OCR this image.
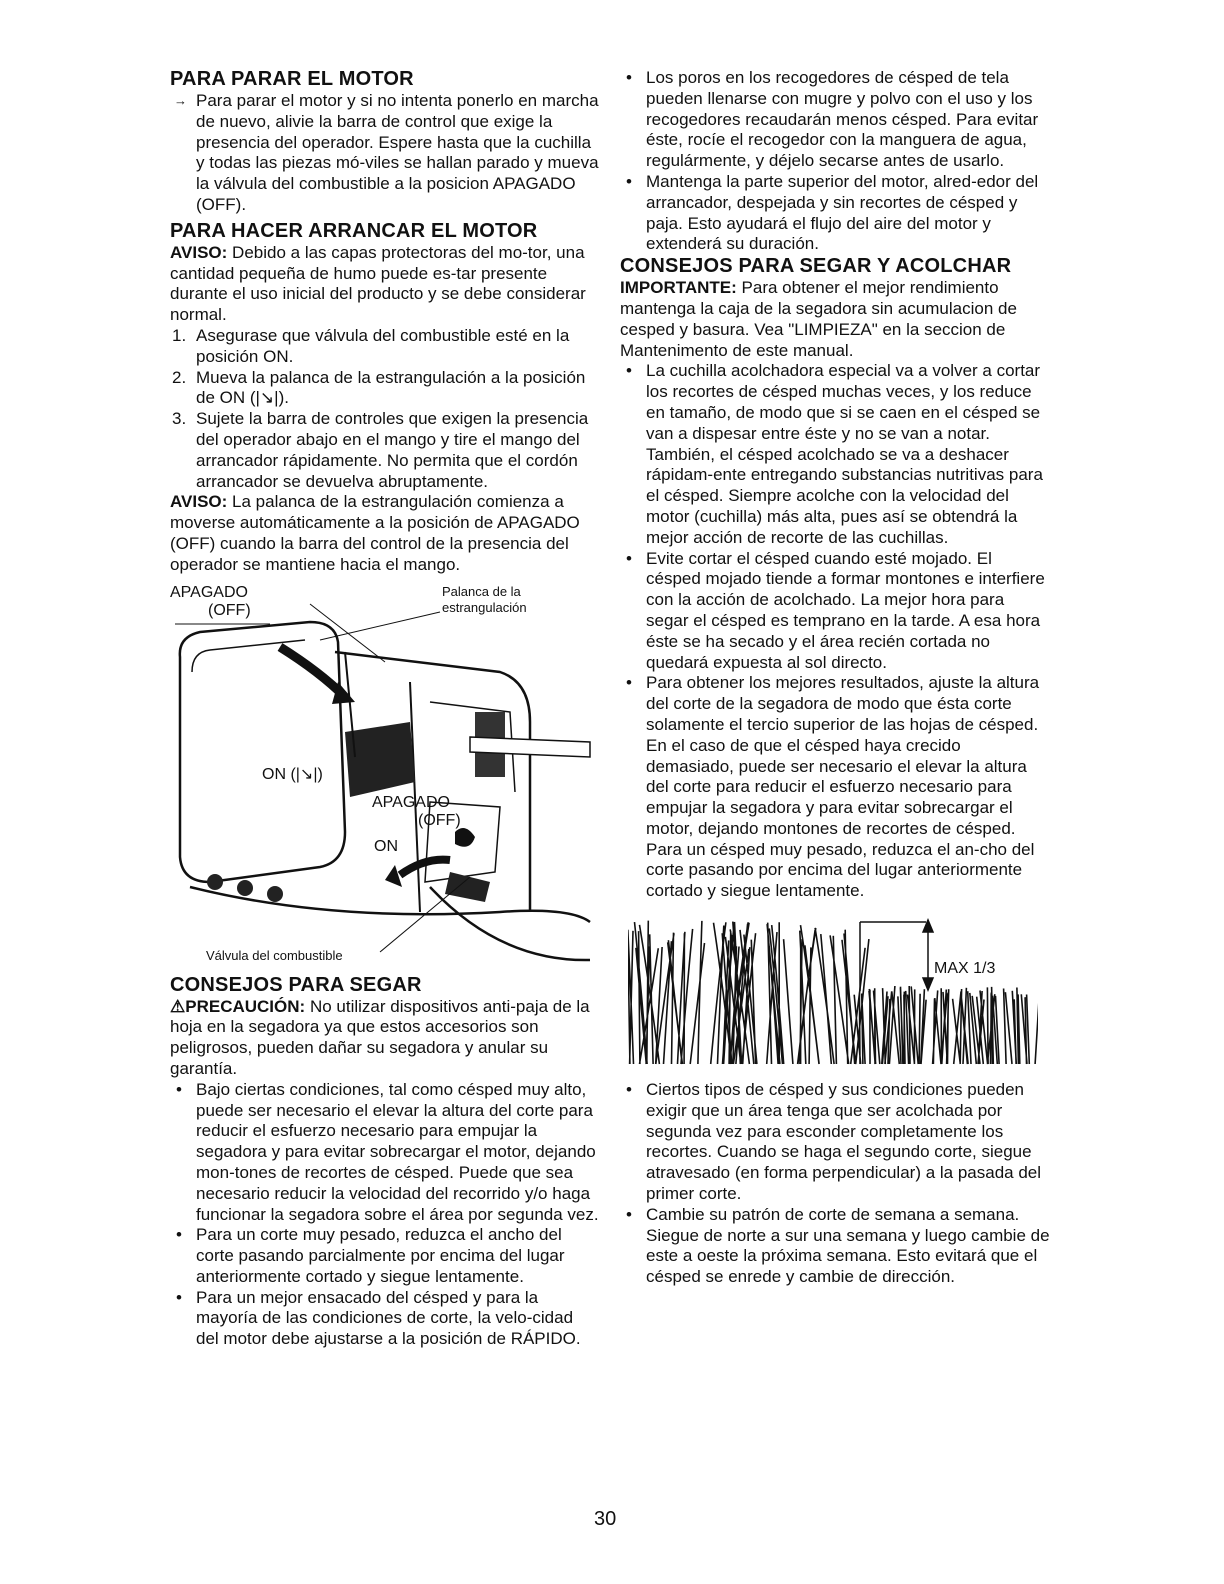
PARA PARAR EL MOTOR
→ Para parar el motor y si no intenta ponerlo en marcha de nuevo, alivie la barra de control que exige la presencia del operador. Espere hasta que la cuchilla y todas las piezas mó-viles se hallan parado y mueva la válvula del combustible a la posicion APAGADO (OFF).
PARA HACER ARRANCAR EL MOTOR

AVISO: Debido a las capas protectoras del mo-tor, una cantidad pequeña de humo puede es-tar presente durante el uso inicial del producto y se debe considerar normal.

1. Asegurase que válvula del combustible esté en la posición ON.
2. Mueva la palanca de la estrangulación a la posición de ON (|↘|).
3. Sujete la barra de controles que exigen la presencia del operador abajo en el mango y tire el mango del arrancador rápidamente. No permita que el cordón arrancador se devuelva abruptamente.

AVISO: La palanca de la estrangulación comienza a moverse automáticamente a la posición de APAGADO (OFF) cuando la barra del control de la presencia del operador se mantiene hacia el mango.

APAGADO
(OFF)
Palanca de la
estrangulación
ON (|↘|)
APAGADO
(OFF)
ON
Válvula del combustible
CONSEJOS PARA SEGAR

⚠PRECAUCIÓN: No utilizar dispositivos anti-paja de la hoja en la segadora ya que estos accesorios son peligrosos, pueden dañar su segadora y anular su garantía.

• Bajo ciertas condiciones, tal como césped muy alto, puede ser necesario el elevar la altura del corte para reducir el esfuerzo necesario para empujar la segadora y para evitar sobrecargar el motor, dejando mon-tones de recortes de césped. Puede que sea necesario reducir la velocidad del recorrido y/o haga funcionar la segadora sobre el área por segunda vez.
• Para un corte muy pesado, reduzca el ancho del corte pasando parcialmente por encima del lugar anteriormente cortado y siegue lentamente.
• Para un mejor ensacado del césped y para la mayoría de las condiciones de corte, la velo-cidad del motor debe ajustarse a la posición de RÁPIDO.
• Los poros en los recogedores de césped de tela pueden llenarse con mugre y polvo con el uso y los recogedores recaudarán menos césped. Para evitar éste, rocíe el recogedor con la manguera de agua, regulármente, y déjelo secarse antes de usarlo.
• Mantenga la parte superior del motor, alred-edor del arrancador, despejada y sin recortes de césped y paja. Esto ayudará el flujo del aire del motor y extenderá su duración.
CONSEJOS PARA SEGAR Y ACOLCHAR

IMPORTANTE: Para obtener el mejor rendimiento mantenga la caja de la segadora sin acumulacion de cesped y basura. Vea "LIMPIEZA" en la seccion de Mantenimento de este manual.

• La cuchilla acolchadora especial va a volver a cortar los recortes de césped muchas veces, y los reduce en tamaño, de modo que si se caen en el césped se van a dispesar entre éste y no se van a notar. También, el césped acolchado se va a deshacer rápidam-ente entregando substancias nutritivas para el césped. Siempre acolche con la velocidad del motor (cuchilla) más alta, pues así se obtendrá la mejor acción de recorte de las cuchillas.
• Evite cortar el césped cuando esté mojado. El césped mojado tiende a formar montones e interfiere con la acción de acolchado. La mejor hora para segar el césped es temprano en la tarde. A esa hora éste se ha secado y el área recién cortada no quedará expuesta al sol directo.
• Para obtener los mejores resultados, ajuste la altura del corte de la segadora de modo que ésta corte solamente el tercio superior de las hojas de césped. En el caso de que el césped haya crecido demasiado, puede ser necesario el elevar la altura del corte para reducir el esfuerzo necesario para empujar la segadora y para evitar sobrecargar el motor, dejando montones de recortes de césped. Para un césped muy pesado, reduzca el an-cho del corte pasando por encima del lugar anteriormente cortado y siegue lentamente.
MAX 1/3
• Ciertos tipos de césped y sus condiciones pueden exigir que un área tenga que ser acolchada por segunda vez para esconder completamente los recortes. Cuando se haga el segundo corte, siegue atravesado (en forma perpendicular) a la pasada del primer corte.
• Cambie su patrón de corte de semana a semana. Siegue de norte a sur una semana y luego cambie de este a oeste la próxima semana. Esto evitará que el césped se enrede y cambie de dirección.
30
